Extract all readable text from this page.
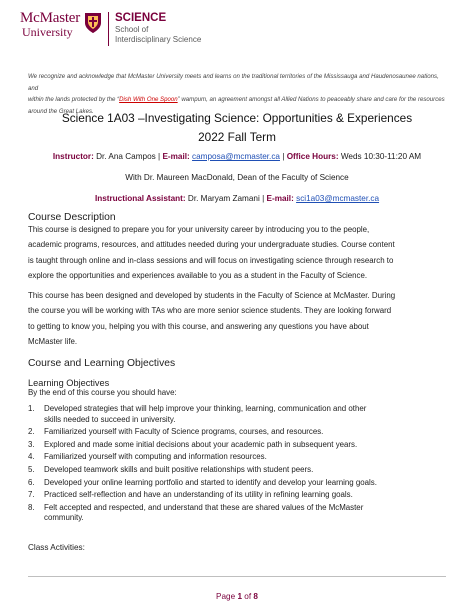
McMaster
University
SCIENCE
School of
Interdisciplinary Science
We recognize and acknowledge that McMaster University meets and learns on the traditional territories of the Mississauga and Haudenosaunee nations, and
within the lands protected by the “Dish With One Spoon” wampum, an agreement amongst all Allied Nations to peaceably share and care for the resources
around the Great Lakes.
Science 1A03 –Investigating Science: Opportunities & Experiences
2022 Fall Term
Instructor: Dr. Ana Campos | E-mail: camposa@mcmaster.ca | Office Hours: Weds 10:30-11:20 AM
With Dr. Maureen MacDonald, Dean of the Faculty of Science
Instructional Assistant: Dr. Maryam Zamani | E-mail: sci1a03@mcmaster.ca
Course Description
This course is designed to prepare you for your university career by introducing you to the people,
academic programs, resources, and attitudes needed during your undergraduate studies. Course content
is taught through online and in-class sessions and will focus on investigating science through research to
explore the opportunities and experiences available to you as a student in the Faculty of Science.
This course has been designed and developed by students in the Faculty of Science at McMaster. During
the course you will be working with TAs who are more senior science students. They are looking forward
to getting to know you, helping you with this course, and answering any questions you have about
McMaster life.
Course and Learning Objectives
Learning Objectives
By the end of this course you should have:
1. Developed strategies that will help improve your thinking, learning, communication and other
skills needed to succeed in university.
2. Familiarized yourself with Faculty of Science programs, courses, and resources.
3. Explored and made some initial decisions about your academic path in subsequent years.
4. Familiarized yourself with computing and information resources.
5. Developed teamwork skills and built positive relationships with student peers.
6. Developed your online learning portfolio and started to identify and develop your learning goals.
7. Practiced self-reflection and have an understanding of its utility in refining learning goals.
8. Felt accepted and respected, and understand that these are shared values of the McMaster
community.
Class Activities:
Page 1 of 8
